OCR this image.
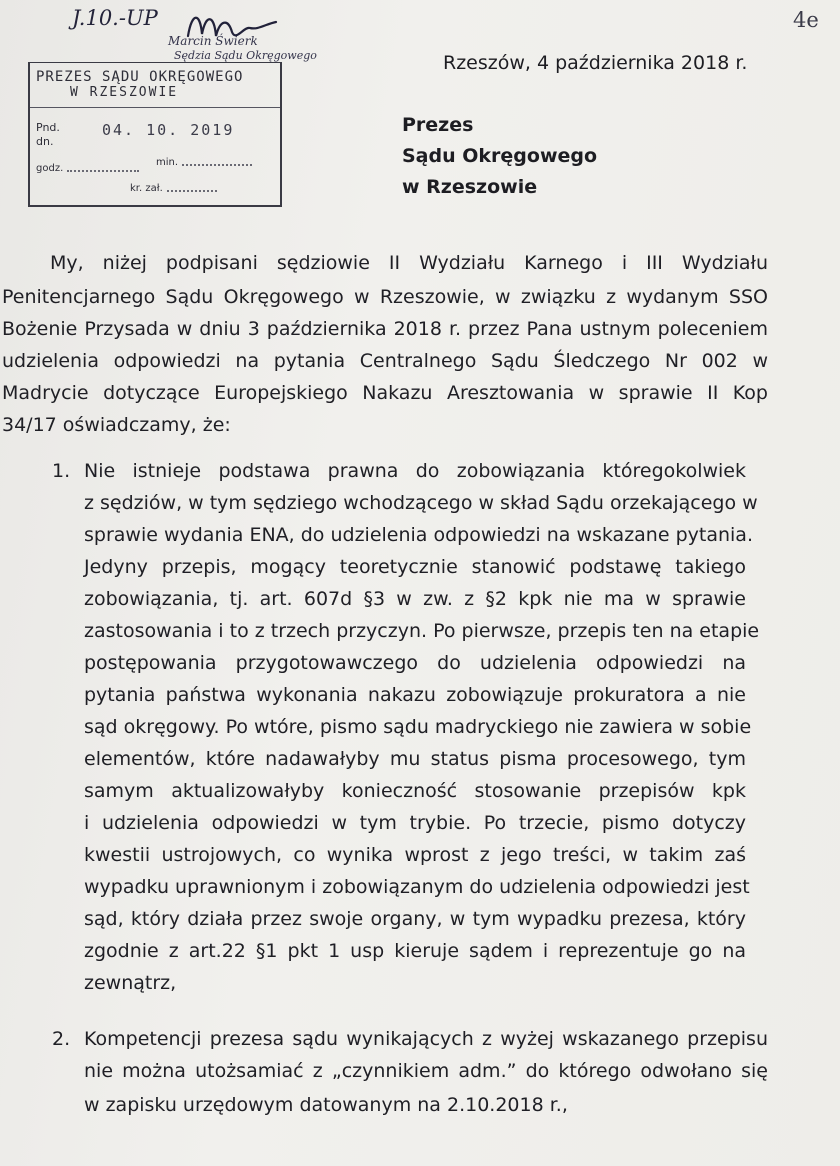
4e
J.10.-UP
Marcin Świerk
Sędzia Sądu Okręgowego
PREZES SĄDU OKRĘGOWEGO
W RZESZOWIE
Pnd.
dn.
04. 10. 2019
min.
godz.
kr. zał.
Rzeszów, 4 października 2018 r.
Prezes
Sądu Okręgowego
w Rzeszowie
My, niżej podpisani sędziowie II Wydziału Karnego i III Wydziału
Penitencjarnego Sądu Okręgowego w Rzeszowie, w związku z wydanym SSO
Bożenie Przysada w dniu 3 października 2018 r. przez Pana ustnym poleceniem
udzielenia odpowiedzi na pytania Centralnego Sądu Śledczego Nr 002 w
Madrycie dotyczące Europejskiego Nakazu Aresztowania w sprawie II Kop
34/17 oświadczamy, że:
1. Nie istnieje podstawa prawna do zobowiązania któregokolwiek
z sędziów, w tym sędziego wchodzącego w skład Sądu orzekającego w
sprawie wydania ENA, do udzielenia odpowiedzi na wskazane pytania.
Jedyny przepis, mogący teoretycznie stanowić podstawę takiego
zobowiązania, tj. art. 607d §3 w zw. z §2 kpk nie ma w sprawie
zastosowania i to z trzech przyczyn. Po pierwsze, przepis ten na etapie
postępowania przygotowawczego do udzielenia odpowiedzi na
pytania państwa wykonania nakazu zobowiązuje prokuratora a nie
sąd okręgowy. Po wtóre, pismo sądu madryckiego nie zawiera w sobie
elementów, które nadawałyby mu status pisma procesowego, tym
samym aktualizowałyby konieczność stosowanie przepisów kpk
i udzielenia odpowiedzi w tym trybie. Po trzecie, pismo dotyczy
kwestii ustrojowych, co wynika wprost z jego treści, w takim zaś
wypadku uprawnionym i zobowiązanym do udzielenia odpowiedzi jest
sąd, który działa przez swoje organy, w tym wypadku prezesa, który
zgodnie z art.22 §1 pkt 1 usp kieruje sądem i reprezentuje go na
zewnątrz,
2. Kompetencji prezesa sądu wynikających z wyżej wskazanego przepisu
nie można utożsamiać z „czynnikiem adm.” do którego odwołano się
w zapisku urzędowym datowanym na 2.10.2018 r.,
